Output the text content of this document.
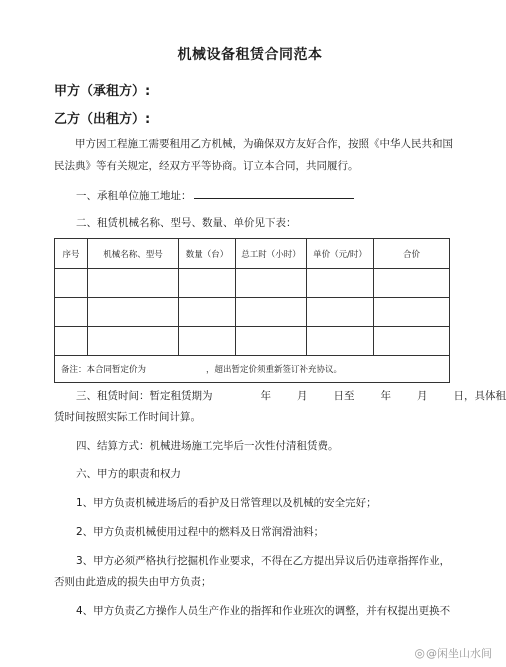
机械设备租赁合同范本
甲方（承租方）:
乙方（出租方）:
甲方因工程施工需要租用乙方机械，为确保双方友好合作，按照《中华人民共和国民法典》等有关规定，经双方平等协商。订立本合同，共同履行。
一、承租单位施工地址：
二、租赁机械名称、型号、数量、单价见下表：
序号	机械名称、型号	数量（台）	总工时（小时）	单价（元/时）	合价

备注：本合同暂定价为 ，超出暂定价须重新签订补充协议。					
三、租赁时间：暂定租赁期为	年 月 日至 年 月 日，具体租
赁时间按照实际工作时间计算。
四、结算方式：机械进场施工完毕后一次性付清租赁费。
六、甲方的职责和权力
1、甲方负责机械进场后的看护及日常管理以及机械的安全完好；
2、甲方负责机械使用过程中的燃料及日常润滑油料；
3、甲方必须严格执行挖掘机作业要求，不得在乙方提出异议后仍违章指挥作业，
否则由此造成的损失由甲方负责；
4、甲方负责乙方操作人员生产作业的指挥和作业班次的调整，并有权提出更换不
◎@闲坐山水间
